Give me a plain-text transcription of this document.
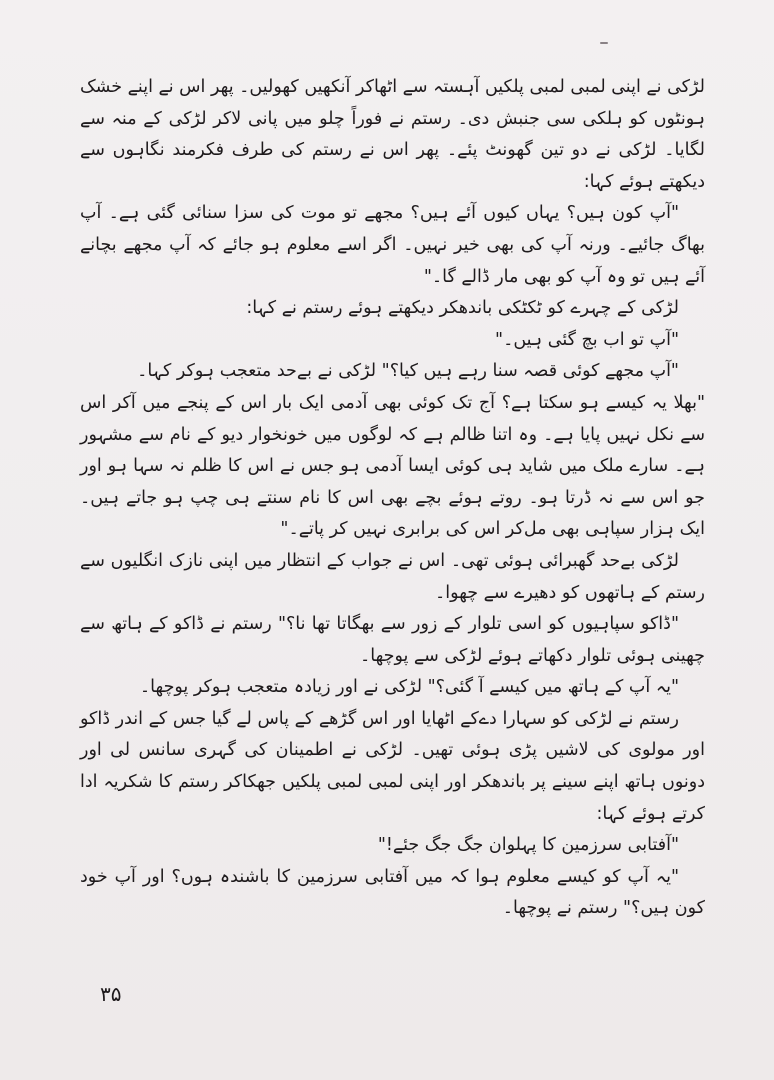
لڑکی نے اپنی لمبی لمبی پلکیں آہستہ سے اٹھاکر آنکھیں کھولیں۔ پھر اس نے اپنے خشک ہونٹوں کو ہلکی سی جنبش دی۔ رستم نے فوراً چلو میں پانی لاکر لڑکی کے منہ سے لگایا۔ لڑکی نے دو تین گھونٹ پئے۔ پھر اس نے رستم کی طرف فکرمند نگاہوں سے دیکھتے ہوئے کہا:

"آپ کون ہیں؟ یہاں کیوں آئے ہیں؟ مجھے تو موت کی سزا سنائی گئی ہے۔ آپ بھاگ جائیے۔ ورنہ آپ کی بھی خیر نہیں۔ اگر اسے معلوم ہو جائے کہ آپ مجھے بچانے آئے ہیں تو وہ آپ کو بھی مار ڈالے گا۔"

لڑکی کے چہرے کو ٹکٹکی باندھکر دیکھتے ہوئے رستم نے کہا:

"آپ تو اب بچ گئی ہیں۔"

"آپ مجھے کوئی قصہ سنا رہے ہیں کیا؟" لڑکی نے بےحد متعجب ہوکر کہا۔

"بھلا یہ کیسے ہو سکتا ہے؟ آج تک کوئی بھی آدمی ایک بار اس کے پنجے میں آکر اس سے نکل نہیں پایا ہے۔ وہ اتنا ظالم ہے کہ لوگوں میں خونخوار دیو کے نام سے مشہور ہے۔ سارے ملک میں شاید ہی کوئی ایسا آدمی ہو جس نے اس کا ظلم نہ سہا ہو اور جو اس سے نہ ڈرتا ہو۔ روتے ہوئے بچے بھی اس کا نام سنتے ہی چپ ہو جاتے ہیں۔ ایک ہزار سپاہی بھی مل‌کر اس کی برابری نہیں کر پاتے۔"

لڑکی بےحد گھبرائی ہوئی تھی۔ اس نے جواب کے انتظار میں اپنی نازک انگلیوں سے رستم کے ہاتھوں کو دھیرے سے چھوا۔

"ڈاکو سپاہیوں کو اسی تلوار کے زور سے بھگاتا تھا نا؟" رستم نے ڈاکو کے ہاتھ سے چھینی ہوئی تلوار دکھاتے ہوئے لڑکی سے پوچھا۔

"یہ آپ کے ہاتھ میں کیسے آ گئی؟" لڑکی نے اور زیادہ متعجب ہوکر پوچھا۔

رستم نے لڑکی کو سہارا دےکے اٹھایا اور اس گڑھے کے پاس لے گیا جس کے اندر ڈاکو اور مولوی کی لاشیں پڑی ہوئی تھیں۔ لڑکی نے اطمینان کی گہری سانس لی اور دونوں ہاتھ اپنے سینے پر باندھکر اور اپنی لمبی لمبی پلکیں جھکاکر رستم کا شکریہ ادا کرتے ہوئے کہا:

"آفتابی سرزمین کا پہلوان جگ جگ جئے!"

"یہ آپ کو کیسے معلوم ہوا کہ میں آفتابی سرزمین کا باشندہ ہوں؟ اور آپ خود کون ہیں؟" رستم نے پوچھا۔

۳۵
